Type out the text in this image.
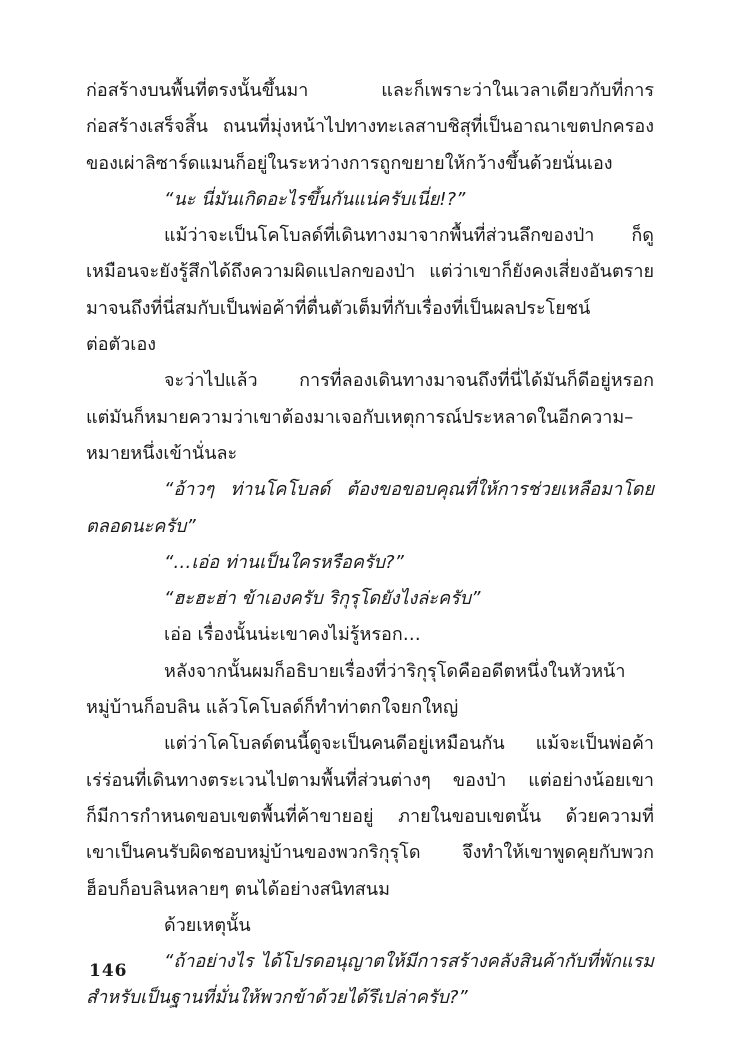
ก่อสร้างบนพื้นที่ตรงนั้นขึ้นมา และก็เพราะว่าในเวลาเดียวกับที่การ
ก่อสร้างเสร็จสิ้น ถนนที่มุ่งหน้าไปทางทะเลสาบชิสุที่เป็นอาณาเขตปกครอง
ของเผ่าลิซาร์ดแมนก็อยู่ในระหว่างการถูกขยายให้กว้างขึ้นด้วยนั่นเอง
“นะ นี่มันเกิดอะไรขึ้นกันแน่ครับเนี่ย!?”
แม้ว่าจะเป็นโคโบลด์ที่เดินทางมาจากพื้นที่ส่วนลึกของป่า ก็ดู
เหมือนจะยังรู้สึกได้ถึงความผิดแปลกของป่า แต่ว่าเขาก็ยังคงเสี่ยงอันตราย
มาจนถึงที่นี่สมกับเป็นพ่อค้าที่ตื่นตัวเต็มที่กับเรื่องที่เป็นผลประโยชน์
ต่อตัวเอง
จะว่าไปแล้ว การที่ลองเดินทางมาจนถึงที่นี่ได้มันก็ดีอยู่หรอก
แต่มันก็หมายความว่าเขาต้องมาเจอกับเหตุการณ์ประหลาดในอีกความ–
หมายหนึ่งเข้านั่นละ
“อ้าวๆ ท่านโคโบลด์ ต้องขอขอบคุณที่ให้การช่วยเหลือมาโดย
ตลอดนะครับ”
“…เอ่อ ท่านเป็นใครหรือครับ?”
“ฮะฮะฮ่า ข้าเองครับ ริกุรุโดยังไงล่ะครับ”
เอ่อ เรื่องนั้นน่ะเขาคงไม่รู้หรอก…
หลังจากนั้นผมก็อธิบายเรื่องที่ว่าริกุรุโดคืออดีตหนึ่งในหัวหน้า
หมู่บ้านก็อบลิน แล้วโคโบลด์ก็ทำท่าตกใจยกใหญ่
แต่ว่าโคโบลด์ตนนี้ดูจะเป็นคนดีอยู่เหมือนกัน แม้จะเป็นพ่อค้า
เร่ร่อนที่เดินทางตระเวนไปตามพื้นที่ส่วนต่างๆ ของป่า แต่อย่างน้อยเขา
ก็มีการกำหนดขอบเขตพื้นที่ค้าขายอยู่ ภายในขอบเขตนั้น ด้วยความที่
เขาเป็นคนรับผิดชอบหมู่บ้านของพวกริกุรุโด จึงทำให้เขาพูดคุยกับพวก
ฮ็อบก็อบลินหลายๆ ตนได้อย่างสนิทสนม
ด้วยเหตุนั้น
“ถ้าอย่างไร ได้โปรดอนุญาตให้มีการสร้างคลังสินค้ากับที่พักแรม
สำหรับเป็นฐานที่มั่นให้พวกข้าด้วยได้รึเปล่าครับ?”
146
